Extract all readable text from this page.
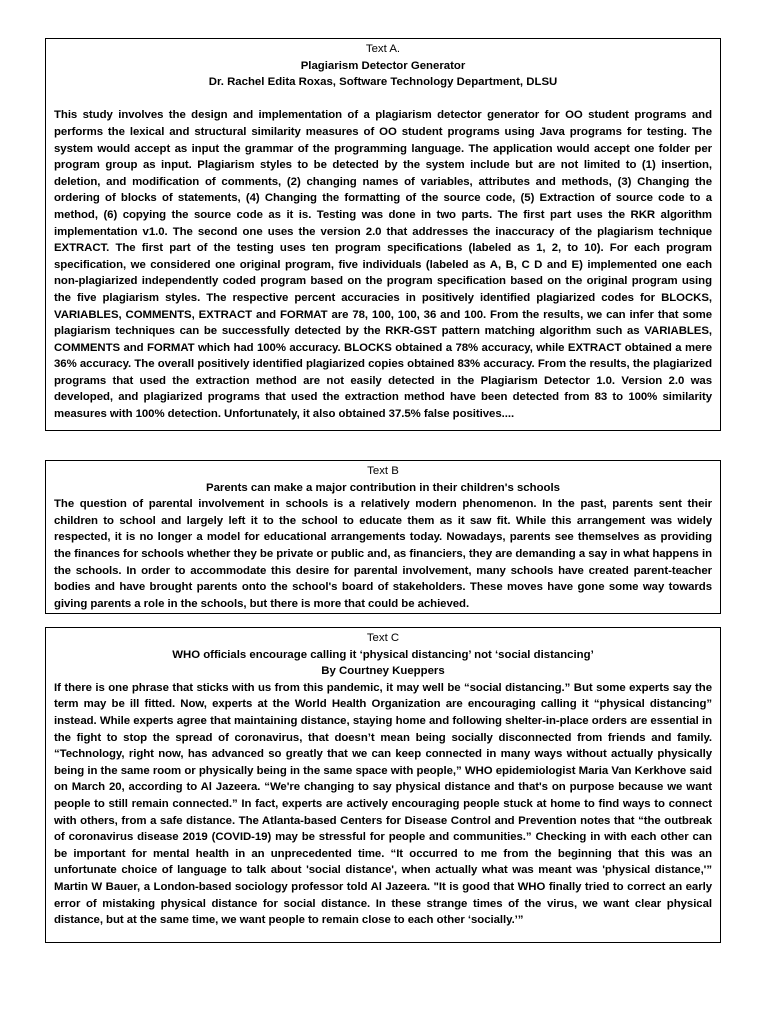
Text A.

Plagiarism Detector Generator

Dr. Rachel Edita Roxas, Software Technology Department, DLSU

This study involves the design and implementation of a plagiarism detector generator for OO student programs and performs the lexical and structural similarity measures of OO student programs using Java programs for testing. The system would accept as input the grammar of the programming language. The application would accept one folder per program group as input. Plagiarism styles to be detected by the system include but are not limited to (1) insertion, deletion, and modification of comments, (2) changing names of variables, attributes and methods, (3) Changing the ordering of blocks of statements, (4) Changing the formatting of the source code, (5) Extraction of source code to a method, (6) copying the source code as it is. Testing was done in two parts. The first part uses the RKR algorithm implementation v1.0. The second one uses the version 2.0 that addresses the inaccuracy of the plagiarism technique EXTRACT. The first part of the testing uses ten program specifications (labeled as 1, 2, to 10). For each program specification, we considered one original program, five individuals (labeled as A, B, C D and E) implemented one each non-plagiarized independently coded program based on the program specification based on the original program using the five plagiarism styles. The respective percent accuracies in positively identified plagiarized codes for BLOCKS, VARIABLES, COMMENTS, EXTRACT and FORMAT are 78, 100, 100, 36 and 100. From the results, we can infer that some plagiarism techniques can be successfully detected by the RKR-GST pattern matching algorithm such as VARIABLES, COMMENTS and FORMAT which had 100% accuracy. BLOCKS obtained a 78% accuracy, while EXTRACT obtained a mere 36% accuracy. The overall positively identified plagiarized copies obtained 83% accuracy. From the results, the plagiarized programs that used the extraction method are not easily detected in the Plagiarism Detector 1.0. Version 2.0 was developed, and plagiarized programs that used the extraction method have been detected from 83 to 100% similarity measures with 100% detection. Unfortunately, it also obtained 37.5% false positives....

Text B

Parents can make a major contribution in their children's schools

The question of parental involvement in schools is a relatively modern phenomenon. In the past, parents sent their children to school and largely left it to the school to educate them as it saw fit. While this arrangement was widely respected, it is no longer a model for educational arrangements today. Nowadays, parents see themselves as providing the finances for schools whether they be private or public and, as financiers, they are demanding a say in what happens in the schools. In order to accommodate this desire for parental involvement, many schools have created parent-teacher bodies and have brought parents onto the school's board of stakeholders. These moves have gone some way towards giving parents a role in the schools, but there is more that could be achieved.

Text C

WHO officials encourage calling it ‘physical distancing’ not ‘social distancing’

By Courtney Kueppers

If there is one phrase that sticks with us from this pandemic, it may well be “social distancing.” But some experts say the term may be ill fitted. Now, experts at the World Health Organization are encouraging calling it “physical distancing” instead. While experts agree that maintaining distance, staying home and following shelter-in-place orders are essential in the fight to stop the spread of coronavirus, that doesn’t mean being socially disconnected from friends and family. “Technology, right now, has advanced so greatly that we can keep connected in many ways without actually physically being in the same room or physically being in the same space with people,” WHO epidemiologist Maria Van Kerkhove said on March 20, according to Al Jazeera. “We're changing to say physical distance and that's on purpose because we want people to still remain connected.” In fact, experts are actively encouraging people stuck at home to find ways to connect with others, from a safe distance. The Atlanta-based Centers for Disease Control and Prevention notes that “the outbreak of coronavirus disease 2019 (COVID-19) may be stressful for people and communities.” Checking in with each other can be important for mental health in an unprecedented time. “It occurred to me from the beginning that this was an unfortunate choice of language to talk about 'social distance', when actually what was meant was 'physical distance,'” Martin W Bauer, a London-based sociology professor told Al Jazeera. "It is good that WHO finally tried to correct an early error of mistaking physical distance for social distance. In these strange times of the virus, we want clear physical distance, but at the same time, we want people to remain close to each other ‘socially.’”
